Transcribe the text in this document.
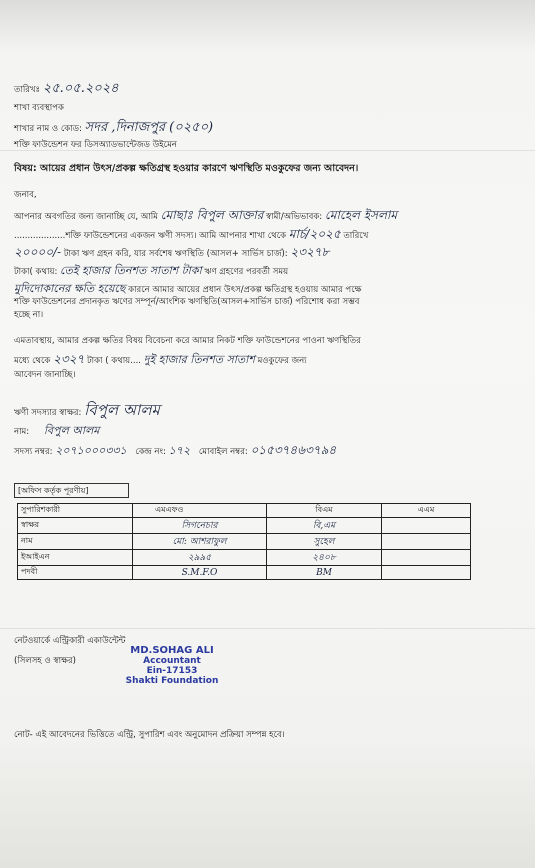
তারিখঃ ২৫.০৫.২০২৪
শাখা ব্যবস্থাপক
শাখার নাম ও কোড: সদর ,দিনাজপুর (০২৫০)
শক্তি ফাউন্ডেশন ফর ডিসঅ্যাডভান্টেজড উইমেন
বিষয়: আয়ের প্রধান উৎস/প্রকল্প ক্ষতিগ্রস্থ হওয়ার কারণে ঋণস্থিতি মওকুফের জন্য আবেদন।
জনাব,
আপনার অবগতির জন্য জানাচ্ছি যে, আমি মোছাঃ বিপুল আক্তার স্বামী/অভিভাবক: মোহেল ইসলাম
...................শক্তি ফাউন্ডেশনের একজন ঋণী সদস্য। আমি আপনার শাখা থেকে মার্চ/২০২৫ তারিখে
২০০০০/- টাকা ঋণ গ্রহন করি, যার সর্বশেষ ঋণস্থিতি (আসল+ সার্ভিস চার্জ): ২৩২৭৮
টাকা( কথায়: তেই হাজার তিনশত সাতাশ টাকা ঋণ গ্রহণের পরবর্তী সময়
মুদিদোকানের ক্ষতি হয়েছে কারনে আমার আয়ের প্রধান উৎস/প্রকল্প ক্ষতিগ্রস্থ হওয়ায় আমার পক্ষে
শক্তি ফাউন্ডেশনের প্রদানকৃত ঋণের সম্পূর্ন/আংশিক ঋণস্থিতি(আসল+সার্ভিস চার্জ) পরিশোধ করা সম্ভব
হচ্ছে না।
এমতাবস্থায়, আমার প্রকল্প ক্ষতির বিষয় বিবেচনা করে আমার নিকট শক্তি ফাউন্ডেশনের পাওনা ঋণস্থিতির
মধ্যে থেকে ২৩২৭ টাকা ( কথায়.... দুই হাজার তিনশত সাতাশ মওকুফের জন্য
আবেদন জানাচ্ছি।
ঋণী সদস্যার স্বাক্ষর: বিপুল আলম
নাম: বিপুল আলম
সদস্য নম্বর: ২০৭১০০০৩৩১ কেন্দ্র নং: ১৭২ মোবাইল নম্বর: ০১৫৩৭৪৬৩৭৯৪
[অফিস কর্তৃক পূরণীয়]
সুপারিশকারী	এমএফও	বিএম	এএম
স্বাক্ষর	সিগনেচার	বি,এম	
নাম	মো: আশরাফুল	সুহেল	
ইআইএন	২৯৯৫	২৪০৮	
পদবী	S.M.F.O	BM	
নেটওয়ার্কে এন্ট্রিকারী একাউন্টেন্ট
(সিলসহ ও স্বাক্ষর)
MD.SOHAG ALI
Accountant
Ein-17153
Shakti Foundation
নোট- এই আবেদনের ভিত্তিতে এন্ট্রি, সুপারিশ এবং অনুমোদন প্রক্রিয়া সম্পন্ন হবে।
